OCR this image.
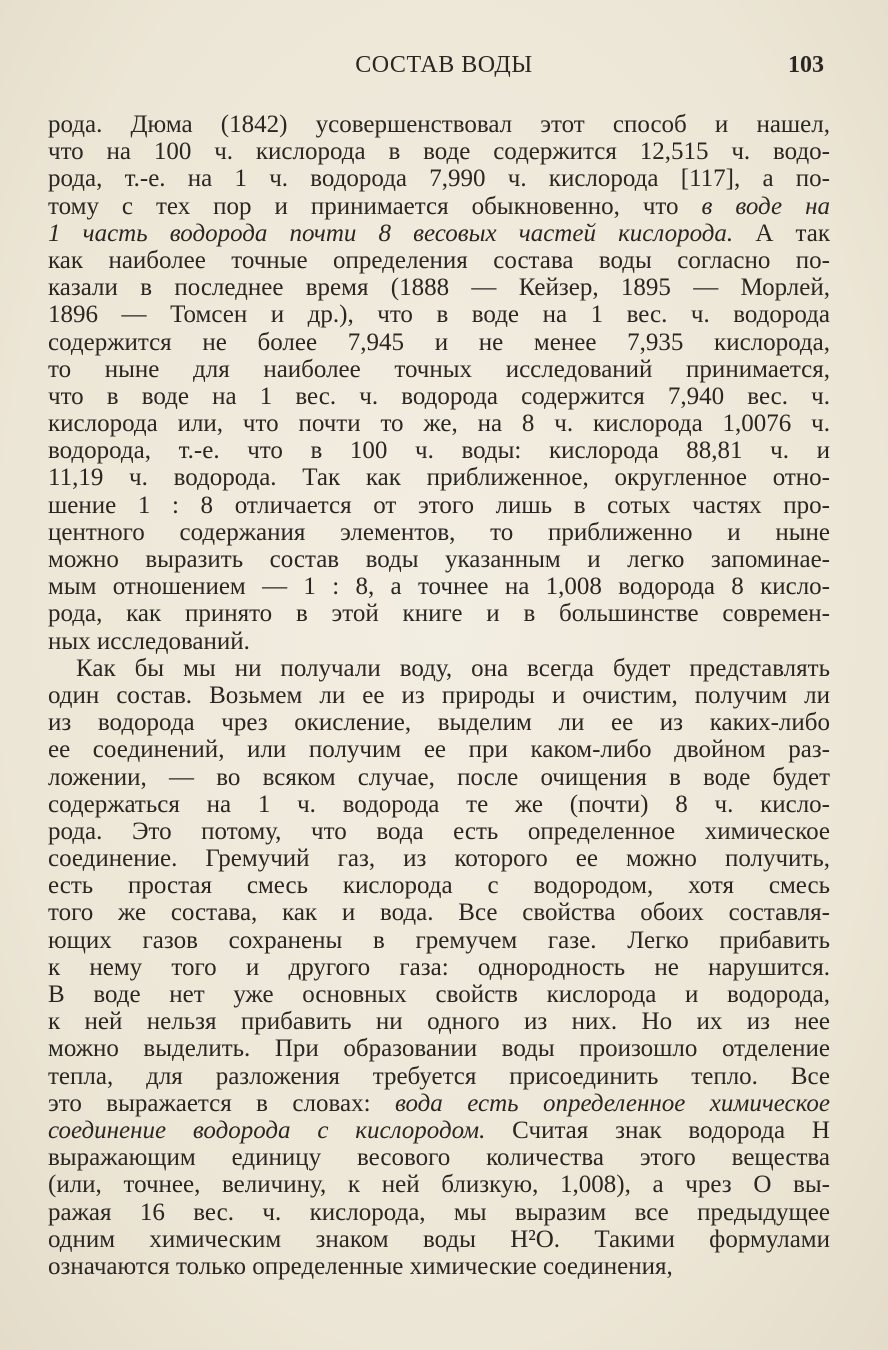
СОСТАВ ВОДЫ	103
рода. Дюма (1842) усовершенствовал этот способ и нашел,
что на 100 ч. кислорода в воде содержится 12,515 ч. водо-
рода, т.-е. на 1 ч. водорода 7,990 ч. кислорода [117], а по-
тому с тех пор и принимается обыкновенно, что в воде на
1 часть водорода почти 8 весовых частей кислорода. А так
как наиболее точные определения состава воды согласно по-
казали в последнее время (1888 — Кейзер, 1895 — Морлей,
1896 — Томсен и др.), что в воде на 1 вес. ч. водорода
содержится не более 7,945 и не менее 7,935 кислорода,
то ныне для наиболее точных исследований принимается,
что в воде на 1 вес. ч. водорода содержится 7,940 вес. ч.
кислорода или, что почти то же, на 8 ч. кислорода 1,0076 ч.
водорода, т.-е. что в 100 ч. воды: кислорода 88,81 ч. и
11,19 ч. водорода. Так как приближенное, округленное отно-
шение 1 : 8 отличается от этого лишь в сотых частях про-
центного содержания элементов, то приближенно и ныне
можно выразить состав воды указанным и легко запоминае-
мым отношением — 1 : 8, а точнее на 1,008 водорода 8 кисло-
рода, как принято в этой книге и в большинстве современ-
ных исследований.
Как бы мы ни получали воду, она всегда будет представлять
один состав. Возьмем ли ее из природы и очистим, получим ли
из водорода чрез окисление, выделим ли ее из каких-либо
ее соединений, или получим ее при каком-либо двойном раз-
ложении, — во всяком случае, после очищения в воде будет
содержаться на 1 ч. водорода те же (почти) 8 ч. кисло-
рода. Это потому, что вода есть определенное химическое
соединение. Гремучий газ, из которого ее можно получить,
есть простая смесь кислорода с водородом, хотя смесь
того же состава, как и вода. Все свойства обоих составля-
ющих газов сохранены в гремучем газе. Легко прибавить
к нему того и другого газа: однородность не нарушится.
В воде нет уже основных свойств кислорода и водорода,
к ней нельзя прибавить ни одного из них. Но их из нее
можно выделить. При образовании воды произошло отделение
тепла, для разложения требуется присоединить тепло. Все
это выражается в словах: вода есть определенное химическое
соединение водорода с кислородом. Считая знак водорода Н
выражающим единицу весового количества этого вещества
(или, точнее, величину, к ней близкую, 1,008), а чрез О вы-
ражая 16 вес. ч. кислорода, мы выразим все предыдущее
одним химическим знаком воды Н²О. Такими формулами
означаются только определенные химические соединения,
